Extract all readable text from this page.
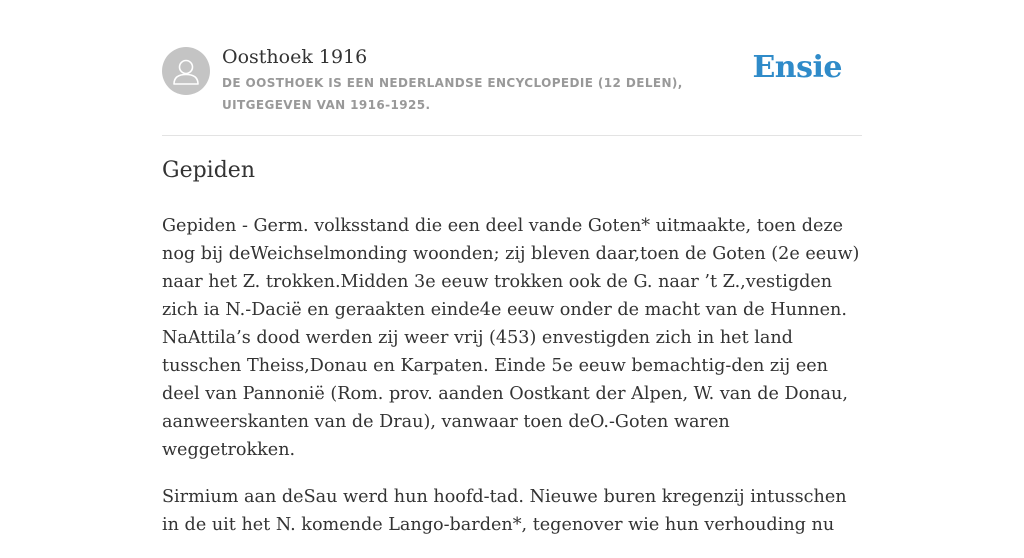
Oosthoek 1916

DE OOSTHOEK IS EEN NEDERLANDSE ENCYCLOPEDIE (12 DELEN), UITGEGEVEN VAN 1916-1925.

Ensie
Gepiden

Gepiden - Germ. volksstand die een deel vande Goten* uitmaakte, toen deze nog bij deWeichselmonding woonden; zij bleven daar,toen de Goten (2e eeuw) naar het Z. trokken.Midden 3e eeuw trokken ook de G. naar ’t Z.,vestigden zich ia N.-Dacië en geraakten einde4e eeuw onder de macht van de Hunnen. NaAttila’s dood werden zij weer vrij (453) envestigden zich in het land tusschen Theiss,Donau en Karpaten. Einde 5e eeuw bemachtig-den zij een deel van Pannonië (Rom. prov. aanden Oostkant der Alpen, W. van de Donau, aanweerskanten van de Drau), vanwaar toen deO.-Goten waren weggetrokken.

Sirmium aan deSau werd hun hoofd-tad. Nieuwe buren kregenzij intusschen in de uit het N. komende Lango-barden*, tegenover wie hun verhouding nu
